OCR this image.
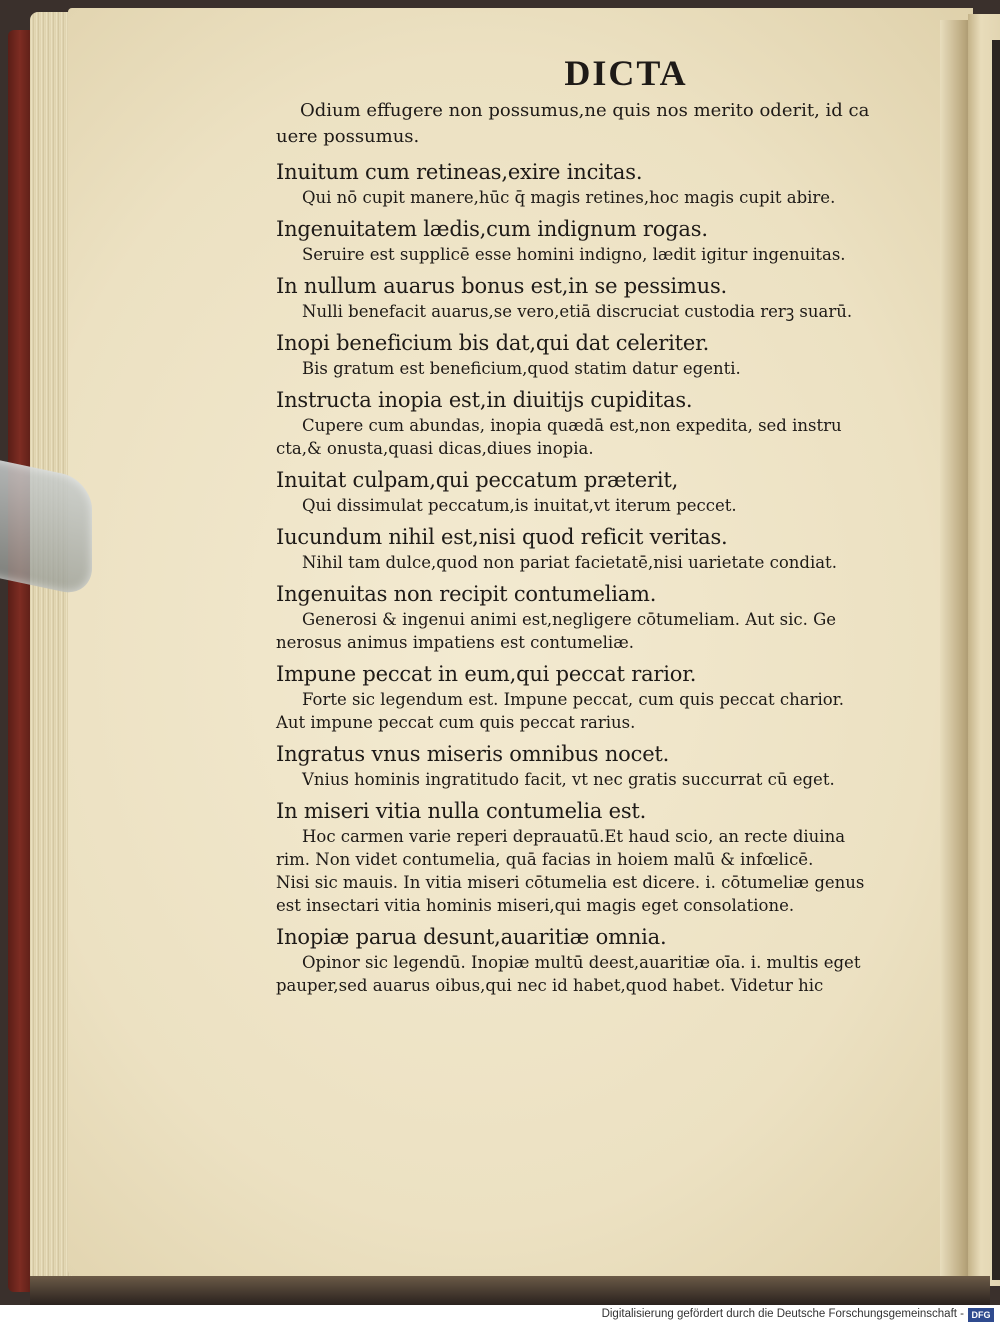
DICTA
Odium effugere non possumus,ne quis nos merito oderit, id ca
uere possumus.
Inuitum cum retineas,exire incitas.
Qui nō cupit manere,hūc q̄ magis retines,hoc magis cupit abire.
Ingenuitatem lædis,cum indignum rogas.
Seruire est supplicē esse homini indigno, lædit igitur ingenuitas.
In nullum auarus bonus est,in se pessimus.
Nulli benefacit auarus,se vero,etiā discruciat custodia rerꝫ suarū.
Inopi beneficium bis dat,qui dat celeriter.
Bis gratum est beneficium,quod statim datur egenti.
Instructa inopia est,in diuitijs cupiditas.
Cupere cum abundas, inopia quædā est,non expedita, sed instru
cta,& onusta,quasi dicas,diues inopia.
Inuitat culpam,qui peccatum præterit,
Qui dissimulat peccatum,is inuitat,vt iterum peccet.
Iucundum nihil est,nisi quod reficit veritas.
Nihil tam dulce,quod non pariat facietatē,nisi uarietate condiat.
Ingenuitas non recipit contumeliam.
Generosi & ingenui animi est,negligere cōtumeliam. Aut sic. Ge
nerosus animus impatiens est contumeliæ.
Impune peccat in eum,qui peccat rarior.
Forte sic legendum est. Impune peccat, cum quis peccat charior.
Aut impune peccat cum quis peccat rarius.
Ingratus vnus miseris omnibus nocet.
Vnius hominis ingratitudo facit, vt nec gratis succurrat cū eget.
In miseri vitia nulla contumelia est.
Hoc carmen varie reperi deprauatū.Et haud scio, an recte diuina
rim. Non videt contumelia, quā facias in hoiem malū & infœlicē.
Nisi sic mauis. In vitia miseri cōtumelia est dicere. i. cōtumeliæ genus
est insectari vitia hominis miseri,qui magis eget consolatione.
Inopiæ parua desunt,auaritiæ omnia.
Opinor sic legendū. Inopiæ multū deest,auaritiæ oīa. i. multis eget
pauper,sed auarus oibus,qui nec id habet,quod habet. Videtur hic
Digitalisierung gefördert durch die Deutsche Forschungsgemeinschaft - DFG
